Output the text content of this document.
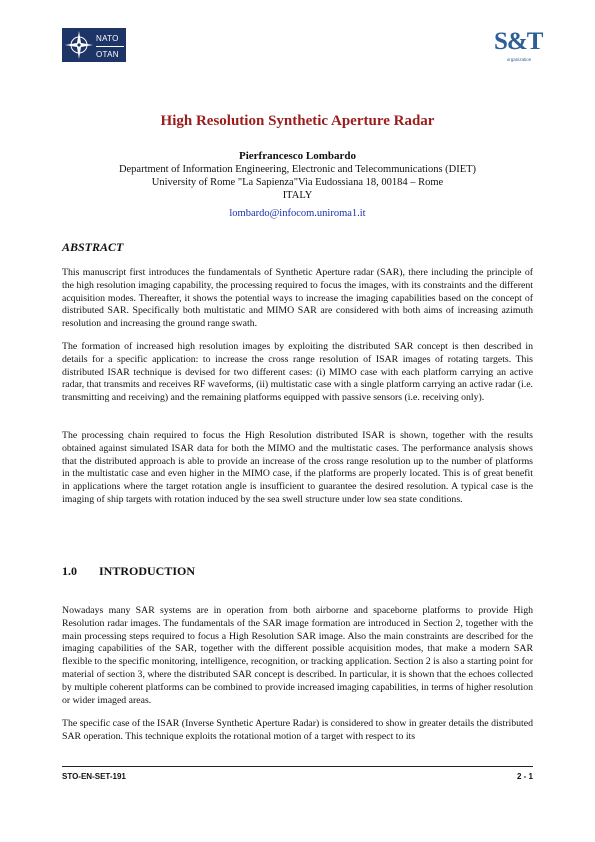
NATO
OTAN	S&T
organization
High Resolution Synthetic Aperture Radar
Pierfrancesco Lombardo
Department of Information Engineering, Electronic and Telecommunications (DIET)
University of Rome "La Sapienza"Via Eudossiana 18, 00184 – Rome
ITALY
lombardo@infocom.uniroma1.it
ABSTRACT
This manuscript first introduces the fundamentals of Synthetic Aperture radar (SAR), there including the principle of the high resolution imaging capability, the processing required to focus the images, with its constraints and the different acquisition modes. Thereafter, it shows the potential ways to increase the imaging capabilities based on the concept of distributed SAR. Specifically both multistatic and MIMO SAR are considered with both aims of increasing azimuth resolution and increasing the ground range swath.
The formation of increased high resolution images by exploiting the distributed SAR concept is then described in details for a specific application: to increase the cross range resolution of ISAR images of rotating targets. This distributed ISAR technique is devised for two different cases: (i) MIMO case with each platform carrying an active radar, that transmits and receives RF waveforms, (ii) multistatic case with a single platform carrying an active radar (i.e. transmitting and receiving) and the remaining platforms equipped with passive sensors (i.e. receiving only).
The processing chain required to focus the High Resolution distributed ISAR is shown, together with the results obtained against simulated ISAR data for both the MIMO and the multistatic cases. The performance analysis shows that the distributed approach is able to provide an increase of the cross range resolution up to the number of platforms in the multistatic case and even higher in the MIMO case, if the platforms are properly located. This is of great benefit in applications where the target rotation angle is insufficient to guarantee the desired resolution. A typical case is the imaging of ship targets with rotation induced by the sea swell structure under low sea state conditions.
1.0 INTRODUCTION
Nowadays many SAR systems are in operation from both airborne and spaceborne platforms to provide High Resolution radar images. The fundamentals of the SAR image formation are introduced in Section 2, together with the main processing steps required to focus a High Resolution SAR image. Also the main constraints are described for the imaging capabilities of the SAR, together with the different possible acquisition modes, that make a modern SAR flexible to the specific monitoring, intelligence, recognition, or tracking application. Section 2 is also a starting point for material of section 3, where the distributed SAR concept is described. In particular, it is shown that the echoes collected by multiple coherent platforms can be combined to provide increased imaging capabilities, in terms of higher resolution or wider imaged areas.
The specific case of the ISAR (Inverse Synthetic Aperture Radar) is considered to show in greater details the distributed SAR operation. This technique exploits the rotational motion of a target with respect to its
STO-EN-SET-191	2 - 1
